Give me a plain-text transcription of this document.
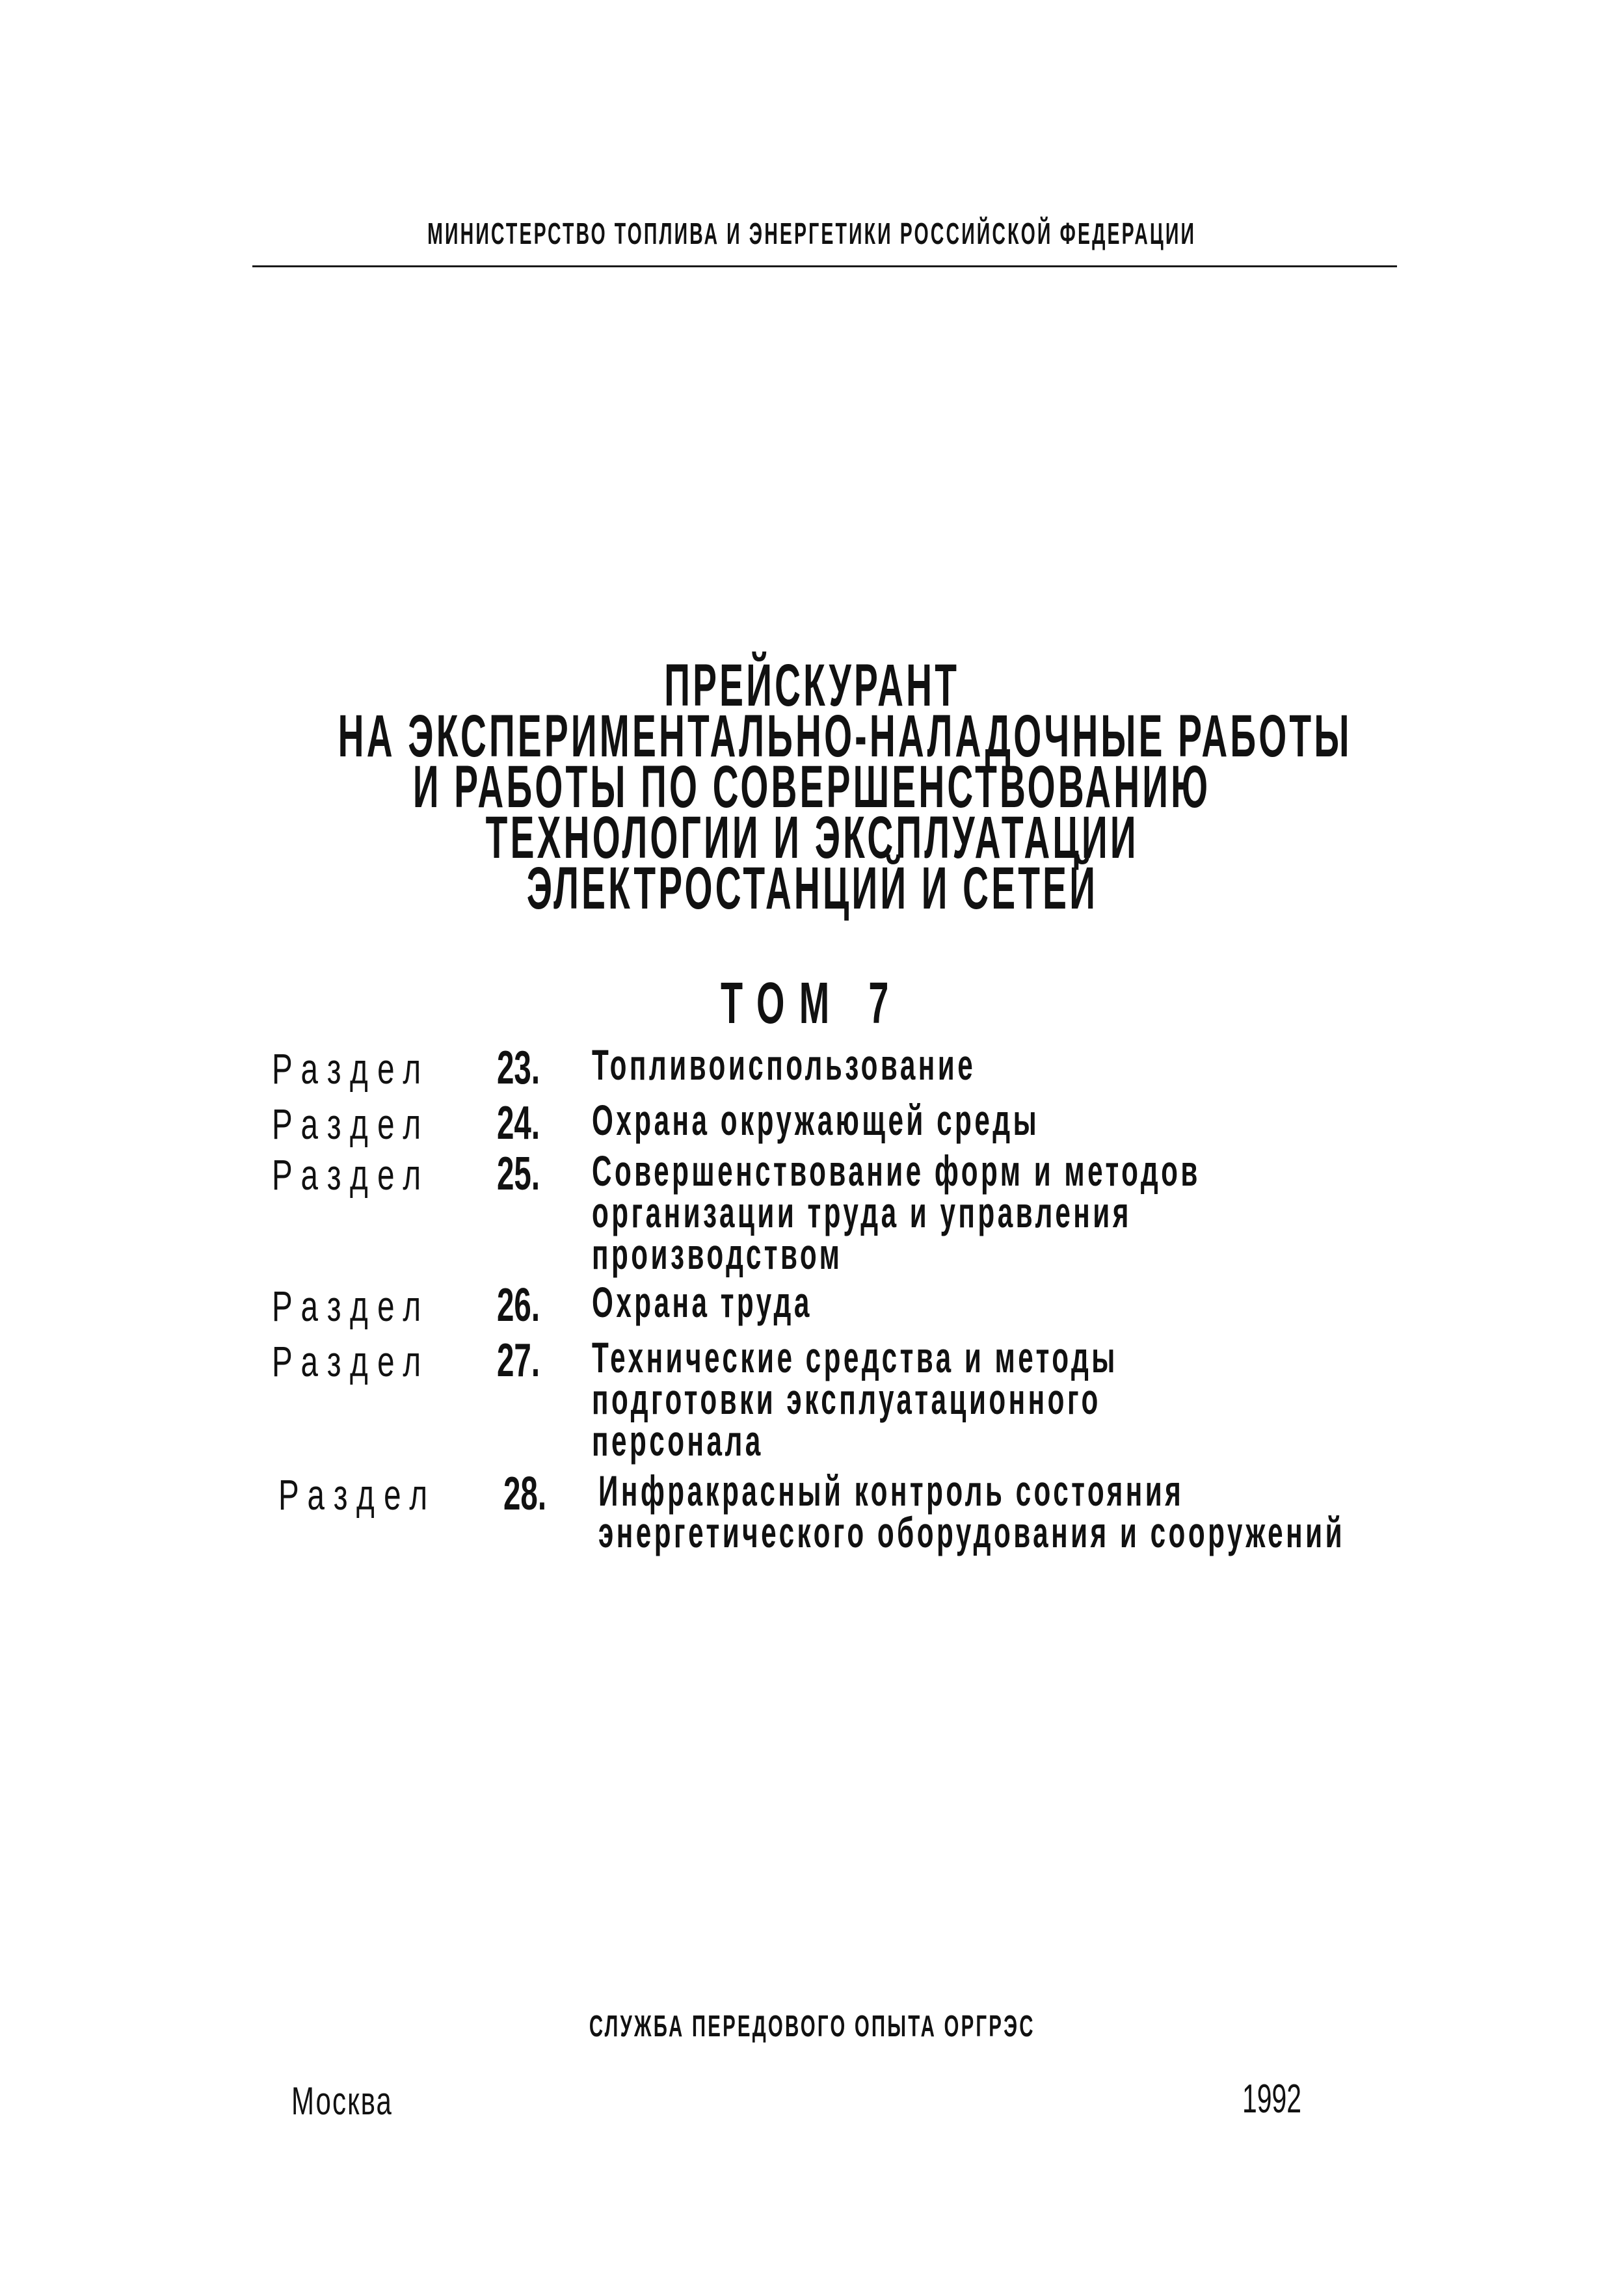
МИНИСТЕРСТВО ТОПЛИВА И ЭНЕРГЕТИКИ РОССИЙСКОЙ ФЕДЕРАЦИИ
ПРЕЙСКУРАНТ
НА ЭКСПЕРИМЕНТАЛЬНО-НАЛАДОЧНЫЕ РАБОТЫ
И РАБОТЫ ПО СОВЕРШЕНСТВОВАНИЮ
ТЕХНОЛОГИИ И ЭКСПЛУАТАЦИИ
ЭЛЕКТРОСТАНЦИЙ И СЕТЕЙ
ТОМ 7
Раздел	23.	Топливоиспользование
Раздел	24.	Охрана окружающей среды
Раздел	25.	Совершенствование форм и методов
организации труда и управления
производством
Раздел	26.	Охрана труда
Раздел	27.	Технические средства и методы
подготовки эксплуатационного
персонала
Раздел	28.	Инфракрасный контроль состояния
энергетического оборудования и сооружений
СЛУЖБА ПЕРЕДОВОГО ОПЫТА ОРГРЭС
Москва	1992
